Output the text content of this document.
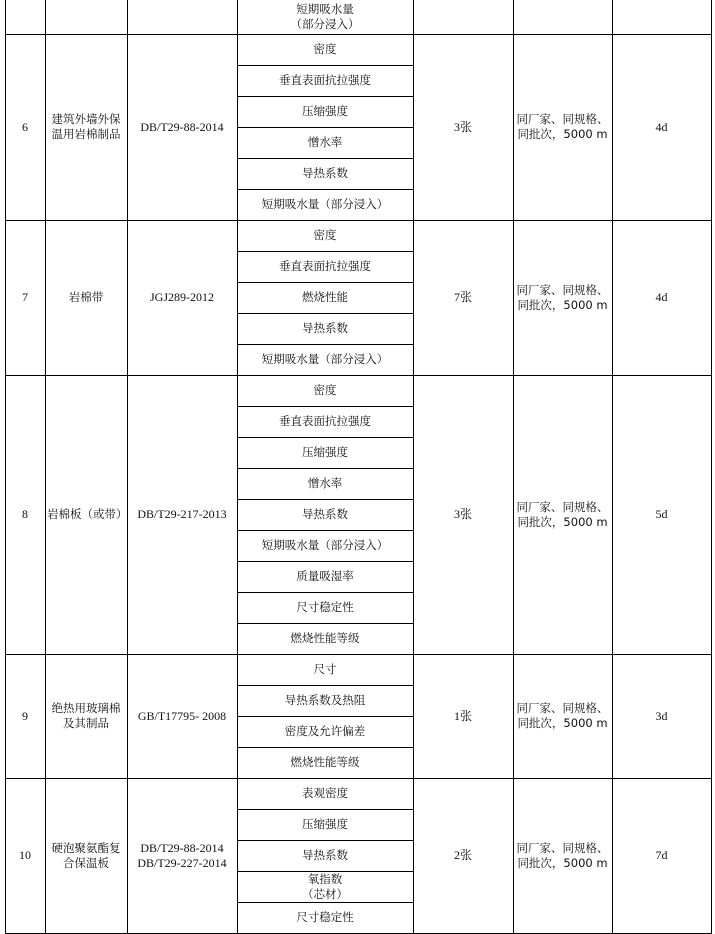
短期吸水量
（部分浸入）
6
建筑外墙外保
温用岩棉制品
DB/T29-88-2014
密度
垂直表面抗拉强度
压缩强度
憎水率
导热系数
短期吸水量（部分浸入）
3张
同厂家、同规格、
同批次，5000 m
4d
7	岩棉带	JGJ289-2012
密度
垂直表面抗拉强度
燃烧性能
导热系数
短期吸水量（部分浸入）
7张
同厂家、同规格、
同批次，5000 m
4d
8 岩棉板（或带） DB/T29-217-2013
密度
垂直表面抗拉强度
压缩强度
憎水率
导热系数
短期吸水量（部分浸入）
质量吸湿率
尺寸稳定性
燃烧性能等级
3张
同厂家、同规格、
同批次，5000 m
5d
9
绝热用玻璃棉
及其制品
GB/T17795- 2008
尺寸
导热系数及热阻
密度及允许偏差
燃烧性能等级
1张
同厂家、同规格、
同批次，5000 m
3d
10
硬泡聚氨酯复
合保温板
DB/T29-88-2014
DB/T29-227-2014
表观密度
压缩强度
导热系数
氧指数
（芯材）
尺寸稳定性
2张
同厂家、同规格、
同批次，5000 m
7d
